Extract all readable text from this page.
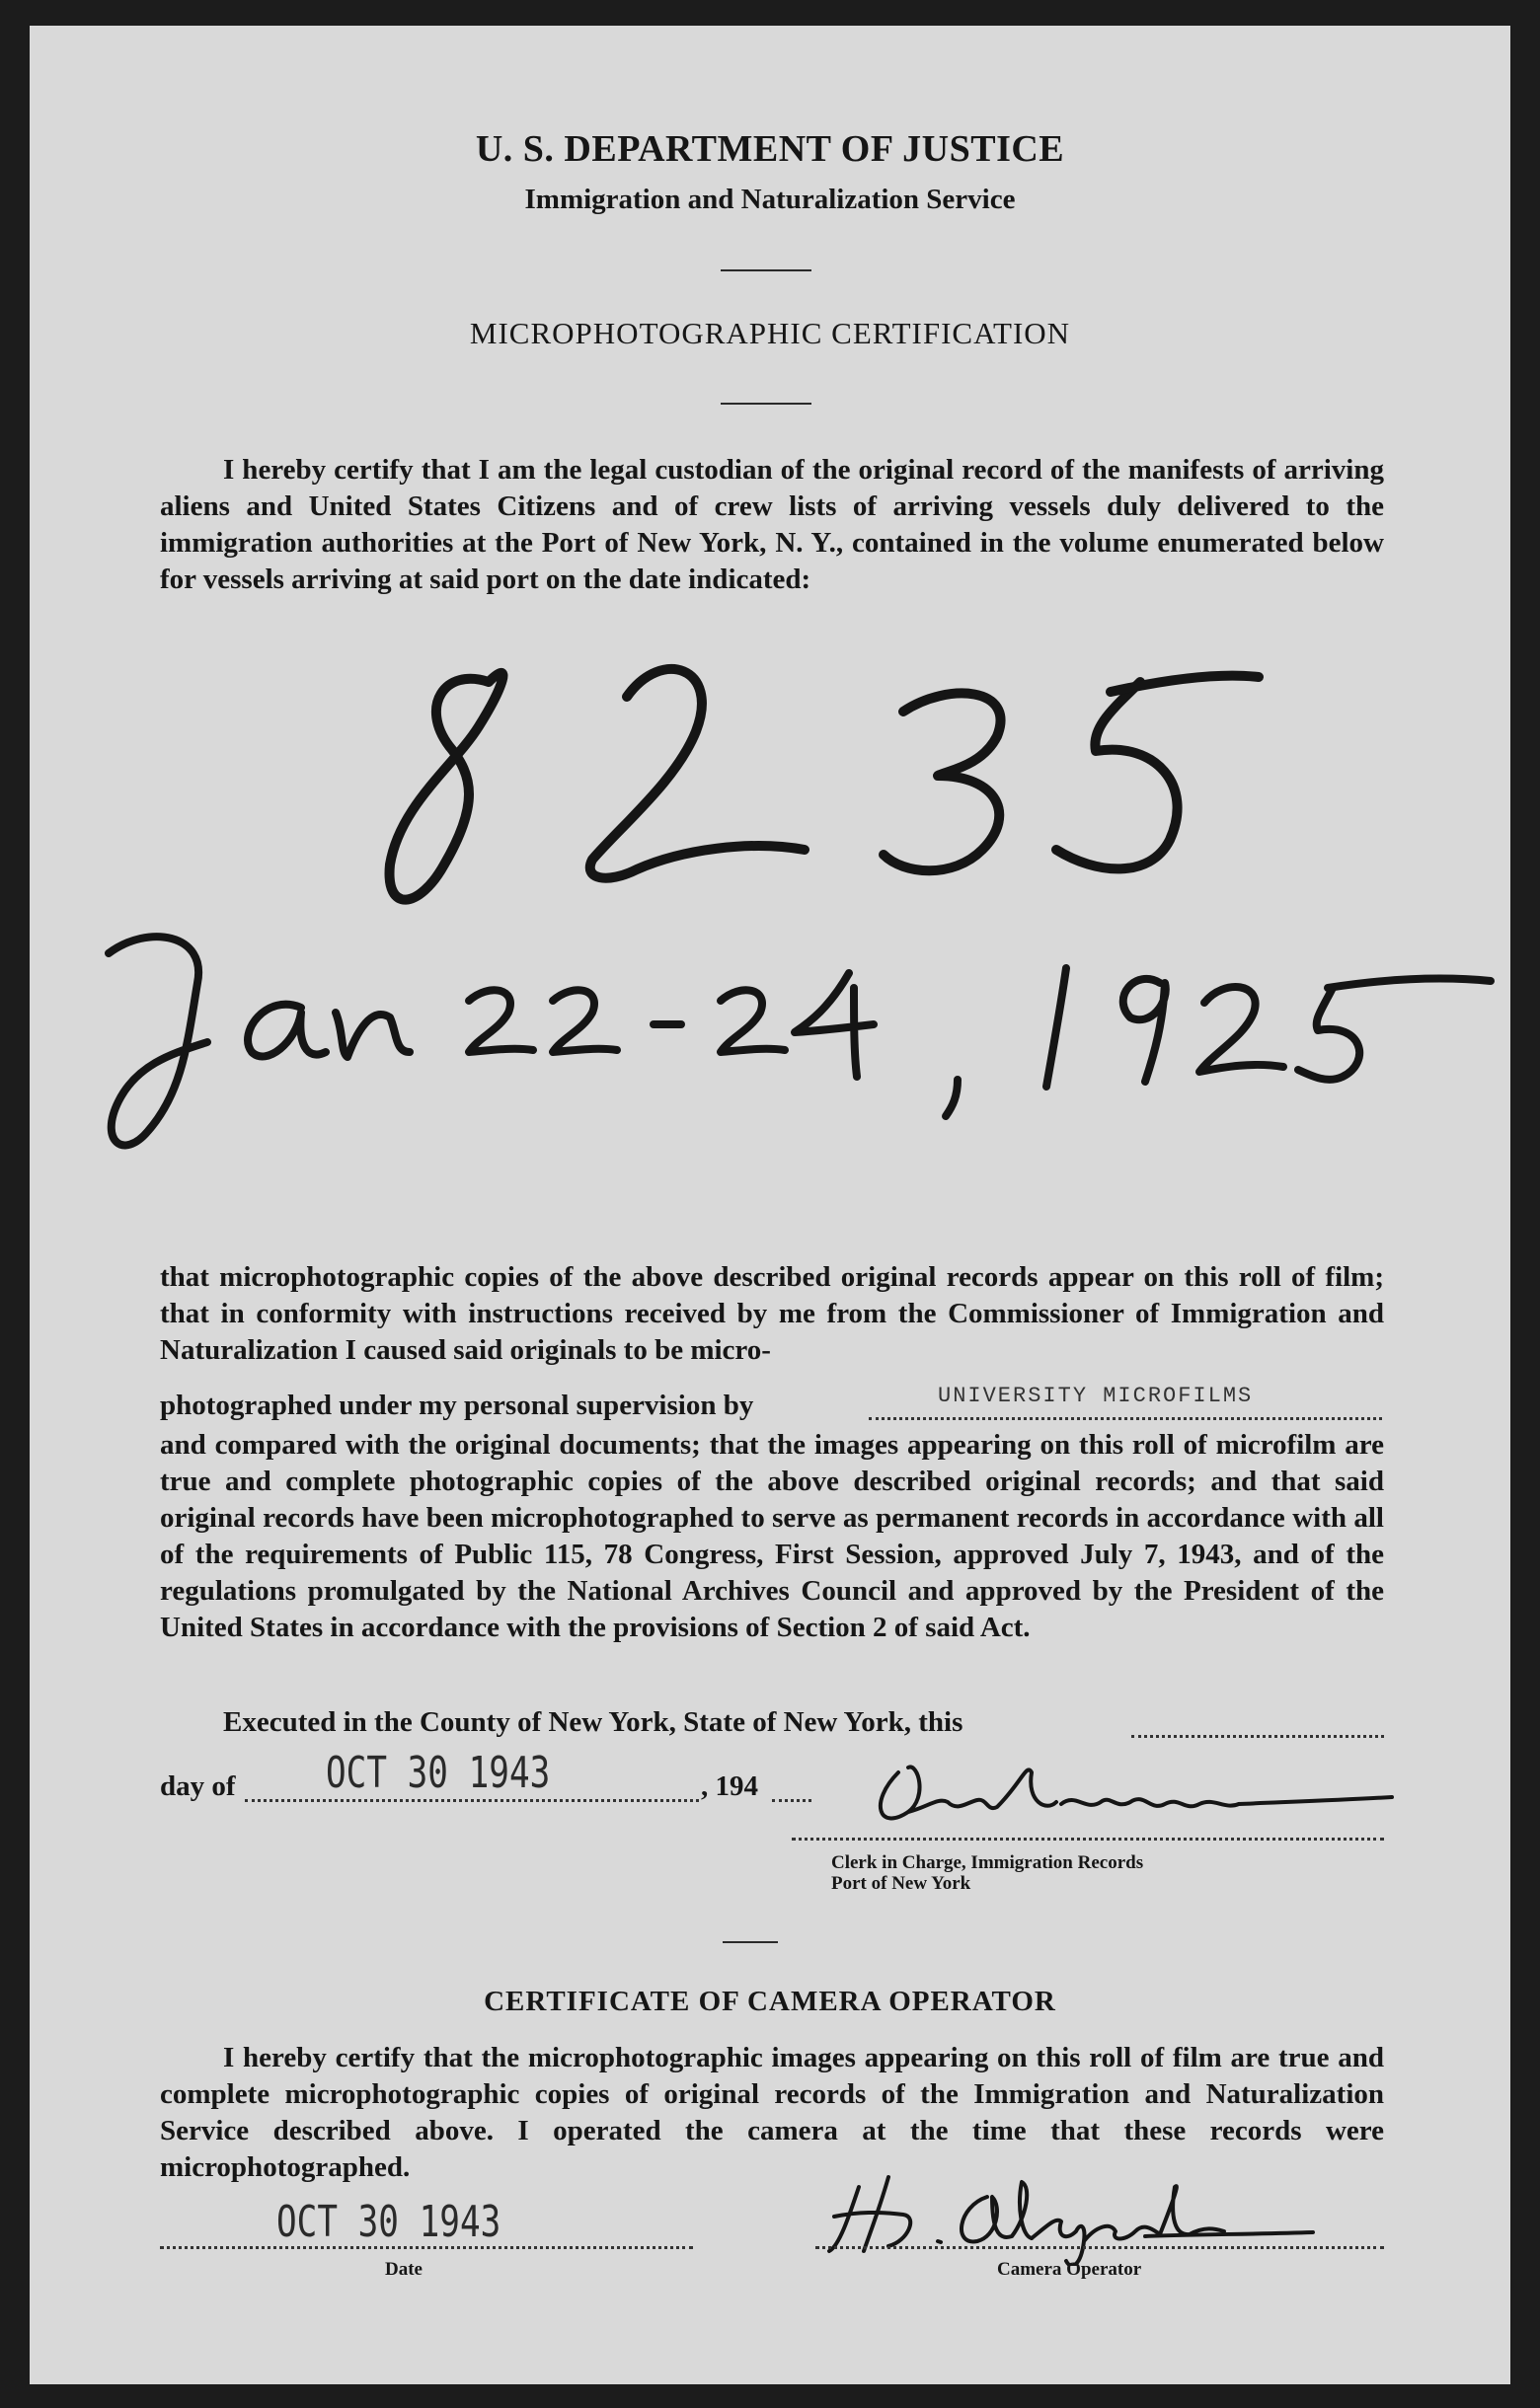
U. S. DEPARTMENT OF JUSTICE
Immigration and Naturalization Service
MICROPHOTOGRAPHIC CERTIFICATION
I hereby certify that I am the legal custodian of the original record of the manifests of arriving aliens and United States Citizens and of crew lists of arriving vessels duly delivered to the immigration authorities at the Port of New York, N. Y., contained in the volume enumerated below for vessels arriving at said port on the date indicated:
that microphotographic copies of the above described original records appear on this roll of film; that in conformity with instructions received by me from the Commissioner of Immigration and Naturalization I caused said originals to be micro-
photographed under my personal supervision by	UNIVERSITY MICROFILMS
and compared with the original documents; that the images appearing on this roll of microfilm are true and complete photographic copies of the above described original records; and that said original records have been microphotographed to serve as permanent records in accordance with all of the requirements of Public 115, 78 Congress, First Session, approved July 7, 1943, and of the regulations promulgated by the National Archives Council and approved by the President of the United States in accordance with the provisions of Section 2 of said Act.
Executed in the County of New York, State of New York, this
day of OCT 30 1943	, 194
Clerk in Charge, Immigration Records
Port of New York
CERTIFICATE OF CAMERA OPERATOR
I hereby certify that the microphotographic images appearing on this roll of film are true and complete microphotographic copies of original records of the Immigration and Naturalization Service described above. I operated the camera at the time that these records were microphotographed.
OCT 30 1943
Date	Camera Operator
